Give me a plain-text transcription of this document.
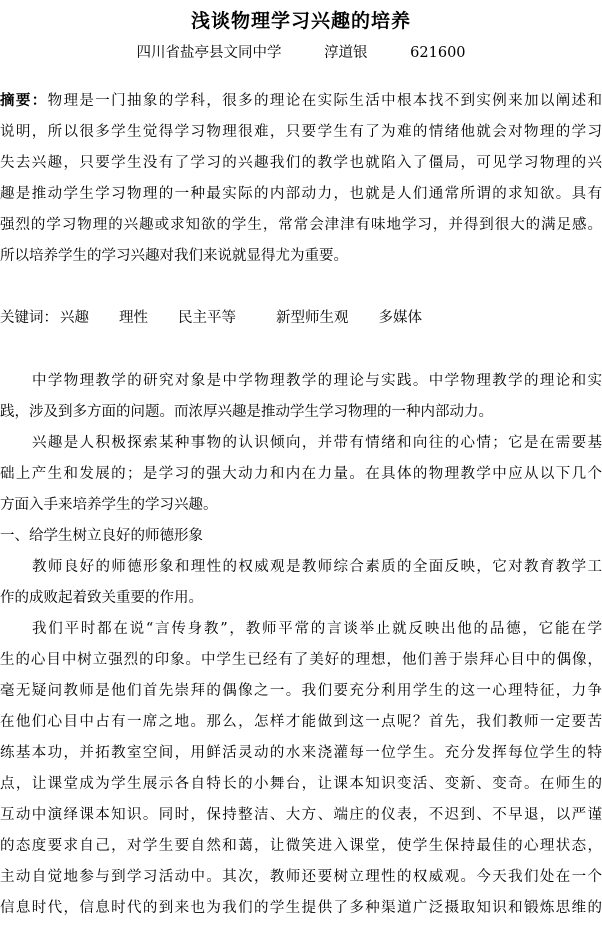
浅谈物理学习兴趣的培养
四川省盐亭县文同中学	淳道银	621600
摘要：物理是一门抽象的学科，很多的理论在实际生活中根本找不到实例来加以阐述和
说明，所以很多学生觉得学习物理很难，只要学生有了为难的情绪他就会对物理的学习
失去兴趣，只要学生没有了学习的兴趣我们的教学也就陷入了僵局，可见学习物理的兴
趣是推动学生学习物理的一种最实际的内部动力，也就是人们通常所谓的求知欲。具有
强烈的学习物理的兴趣或求知欲的学生，常常会津津有味地学习，并得到很大的满足感。
所以培养学生的学习兴趣对我们来说就显得尤为重要。
关键词： 兴趣 理性 民主平等	新型师生观 多媒体
中学物理教学的研究对象是中学物理教学的理论与实践。中学物理教学的理论和实
践，涉及到多方面的问题。而浓厚兴趣是推动学生学习物理的一种内部动力。
兴趣是人积极探索某种事物的认识倾向，并带有情绪和向往的心情；它是在需要基
础上产生和发展的；是学习的强大动力和内在力量。在具体的物理教学中应从以下几个
方面入手来培养学生的学习兴趣。
一、给学生树立良好的师德形象
教师良好的师德形象和理性的权威观是教师综合素质的全面反映，它对教育教学工
作的成败起着致关重要的作用。
我们平时都在说“言传身教”，教师平常的言谈举止就反映出他的品德，它能在学
生的心目中树立强烈的印象。中学生已经有了美好的理想，他们善于崇拜心目中的偶像，
毫无疑问教师是他们首先崇拜的偶像之一。我们要充分利用学生的这一心理特征，力争
在他们心目中占有一席之地。那么，怎样才能做到这一点呢？首先，我们教师一定要苦
练基本功，并拓教室空间，用鲜活灵动的水来浇灌每一位学生。充分发挥每位学生的特
点，让课堂成为学生展示各自特长的小舞台，让课本知识变活、变新、变奇。在师生的
互动中演绎课本知识。同时，保持整洁、大方、端庄的仪表，不迟到、不早退，以严谨
的态度要求自己，对学生要自然和蔼，让微笑进入课堂，使学生保持最佳的心理状态，
主动自觉地参与到学习活动中。其次，教师还要树立理性的权威观。今天我们处在一个
信息时代，信息时代的到来也为我们的学生提供了多种渠道广泛摄取知识和锻炼思维的
